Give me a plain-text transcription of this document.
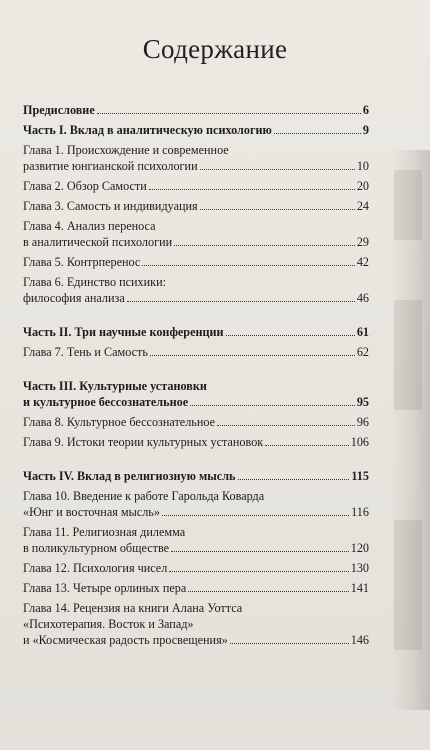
Содержание
Предисловие	6
Часть I. Вклад в аналитическую психологию	9
Глава 1. Происхождение и современное
развитие юнгианской психологии	10
Глава 2. Обзор Самости	20
Глава 3. Самость и индивидуация	24
Глава 4. Анализ переноса
в аналитической психологии	29
Глава 5. Контрперенос	42
Глава 6. Единство психики:
философия анализа	46
Часть II. Три научные конференции	61
Глава 7. Тень и Самость	62
Часть III. Культурные установки
и культурное бессознательное	95
Глава 8. Культурное бессознательное	96
Глава 9. Истоки теории культурных установок	106
Часть IV. Вклад в религиозную мысль	115
Глава 10. Введение к работе Гарольда Коварда
«Юнг и восточная мысль»	116
Глава 11. Религиозная дилемма
в поликультурном обществе	120
Глава 12. Психология чисел	130
Глава 13. Четыре орлиных пера	141
Глава 14. Рецензия на книги Алана Уоттса
«Психотерапия. Восток и Запад»
и «Космическая радость просвещения»	146
